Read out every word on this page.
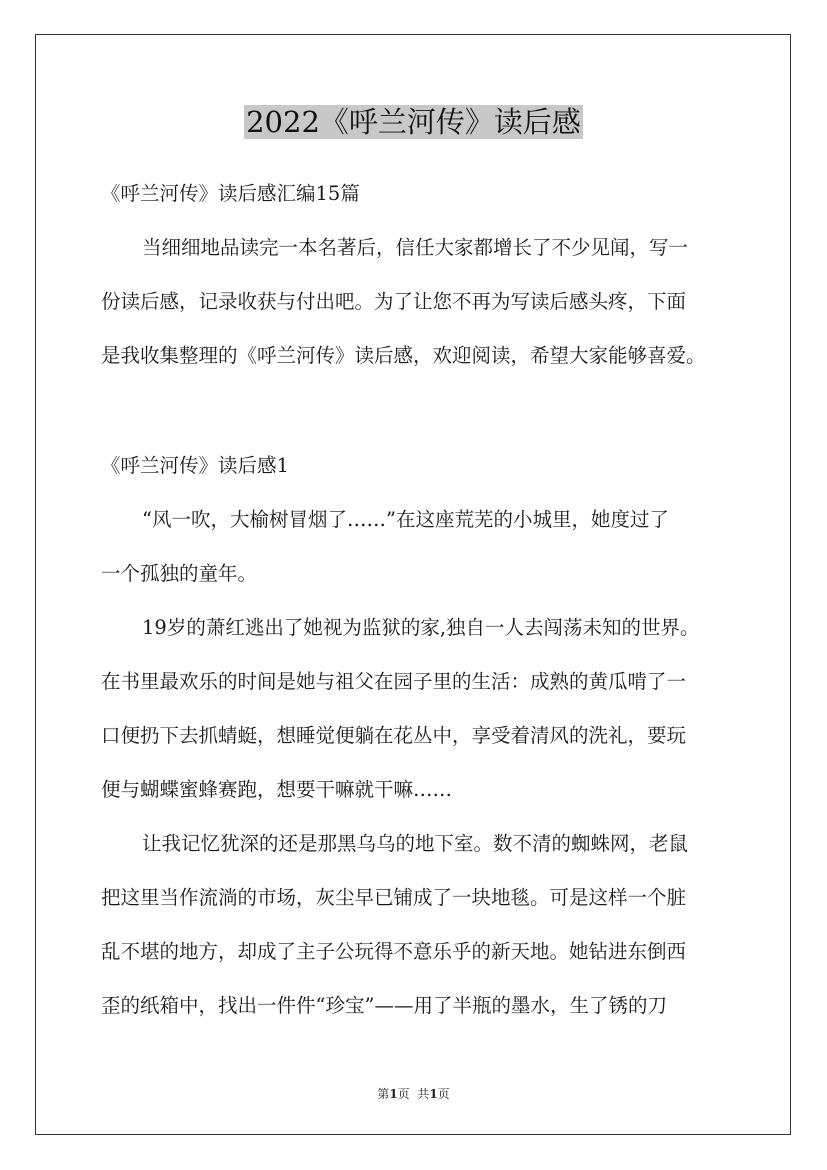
2022《呼兰河传》读后感
《呼兰河传》读后感汇编15篇
当细细地品读完一本名著后，信任大家都增长了不少见闻，写一
份读后感，记录收获与付出吧。为了让您不再为写读后感头疼，下面
是我收集整理的《呼兰河传》读后感，欢迎阅读，希望大家能够喜爱。
《呼兰河传》读后感1
“风一吹，大榆树冒烟了……”在这座荒芜的小城里，她度过了
一个孤独的童年。
19岁的萧红逃出了她视为监狱的家,独自一人去闯荡未知的世界。
在书里最欢乐的时间是她与祖父在园子里的生活：成熟的黄瓜啃了一
口便扔下去抓蜻蜓，想睡觉便躺在花丛中，享受着清风的洗礼，要玩
便与蝴蝶蜜蜂赛跑，想要干嘛就干嘛……
让我记忆犹深的还是那黑乌乌的地下室。数不清的蜘蛛网，老鼠
把这里当作流淌的市场，灰尘早已铺成了一块地毯。可是这样一个脏
乱不堪的地方，却成了主子公玩得不意乐乎的新天地。她钻进东倒西
歪的纸箱中，找出一件件“珍宝”——用了半瓶的墨水，生了锈的刀
第1页  共1页
